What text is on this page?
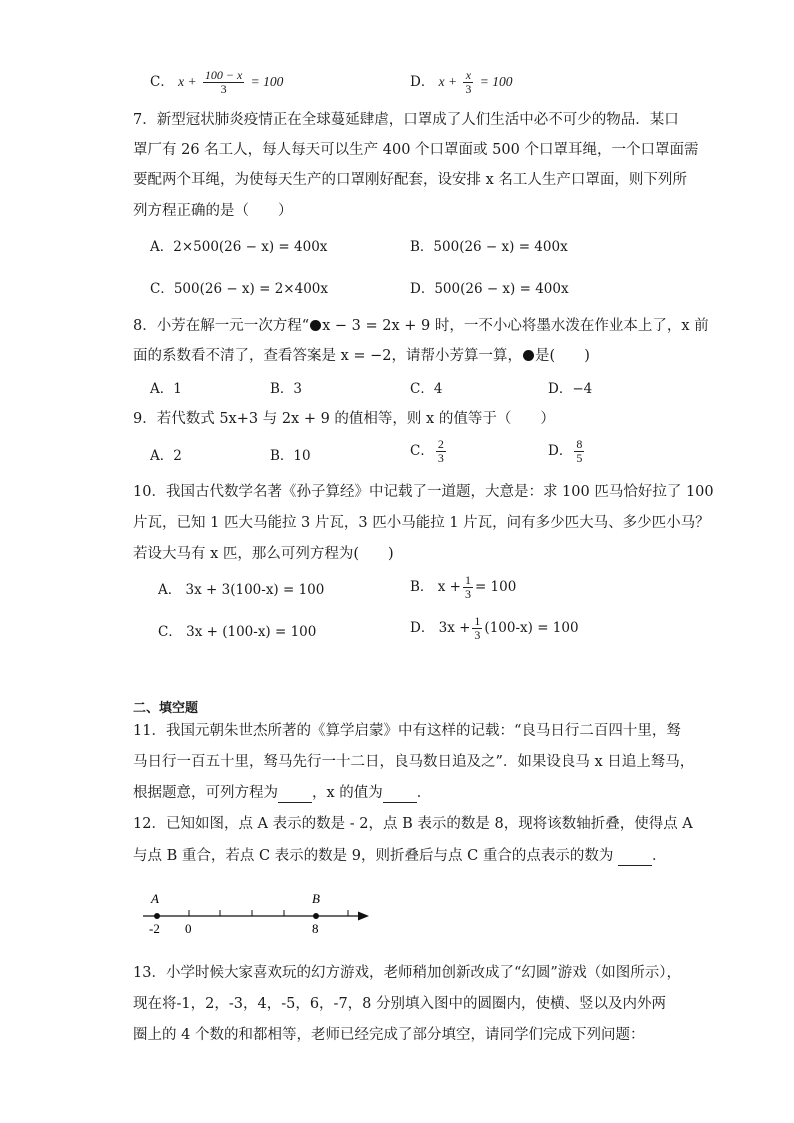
C． $x + \frac{100 - x}{3} = 100$	D． $x + \frac{x}{3} = 100$
7．新型冠状肺炎疫情正在全球蔓延肆虐，口罩成了人们生活中必不可少的物品．某口
罩厂有 26 名工人，每人每天可以生产 400 个口罩面或 500 个口罩耳绳，一个口罩面需
要配两个耳绳，为使每天生产的口罩刚好配套，设安排 x 名工人生产口罩面，则下列所
列方程正确的是（　　）
A．2×500(26 − x) = 400x	B．500(26 − x) = 400x
C．500(26 − x) = 2×400x	D．500(26 − x) = 400x
8．小芳在解一元一次方程“ x − 3 = 2x + 9 时，一不小心将墨水泼在作业本上了，x 前
面的系数看不清了，查看答案是 x = −2，请帮小芳算一算， 是(　　)
A．1	B．3	C．4	D．−4
9．若代数式 5x+3 与 2x + 9 的值相等，则 x 的值等于（　　）
A．2	B．10	C． $\frac{2}{3}$	D． $\frac{8}{5}$
10．我国古代数学名著《孙子算经》中记载了一道题，大意是：求 100 匹马恰好拉了 100
片瓦，已知 1 匹大马能拉 3 片瓦，3 匹小马能拉 1 片瓦，问有多少匹大马、多少匹小马？
若设大马有 x 匹，那么可列方程为(　　)
A． 3x + 3(100-x) = 100	B． $x + \frac{1}{3} = 100$
C． 3x + (100-x) = 100	D． $3x + \frac{1}{3} (100-x) = 100$
二、填空题
11．我国元朝朱世杰所著的《算学启蒙》中有这样的记载：“良马日行二百四十里，驽
马日行一百五十里，驽马先行一十二日，良马数日追及之”．如果设良马 x 日追上驽马，
根据题意，可列方程为 ，x 的值为 ．
12．已知如图，点 A 表示的数是 - 2，点 B 表示的数是 8，现将该数轴折叠，使得点 A
与点 B 重合，若点 C 表示的数是 9，则折叠后与点 C 重合的点表示的数为	．
A	B
-2 0	8
13．小学时候大家喜欢玩的幻方游戏，老师稍加创新改成了“幻圆”游戏（如图所示），
现在将-1，2，-3，4，-5，6，-7，8 分别填入图中的圆圈内，使横、竖以及内外两
圈上的 4 个数的和都相等，老师已经完成了部分填空，请同学们完成下列问题：
